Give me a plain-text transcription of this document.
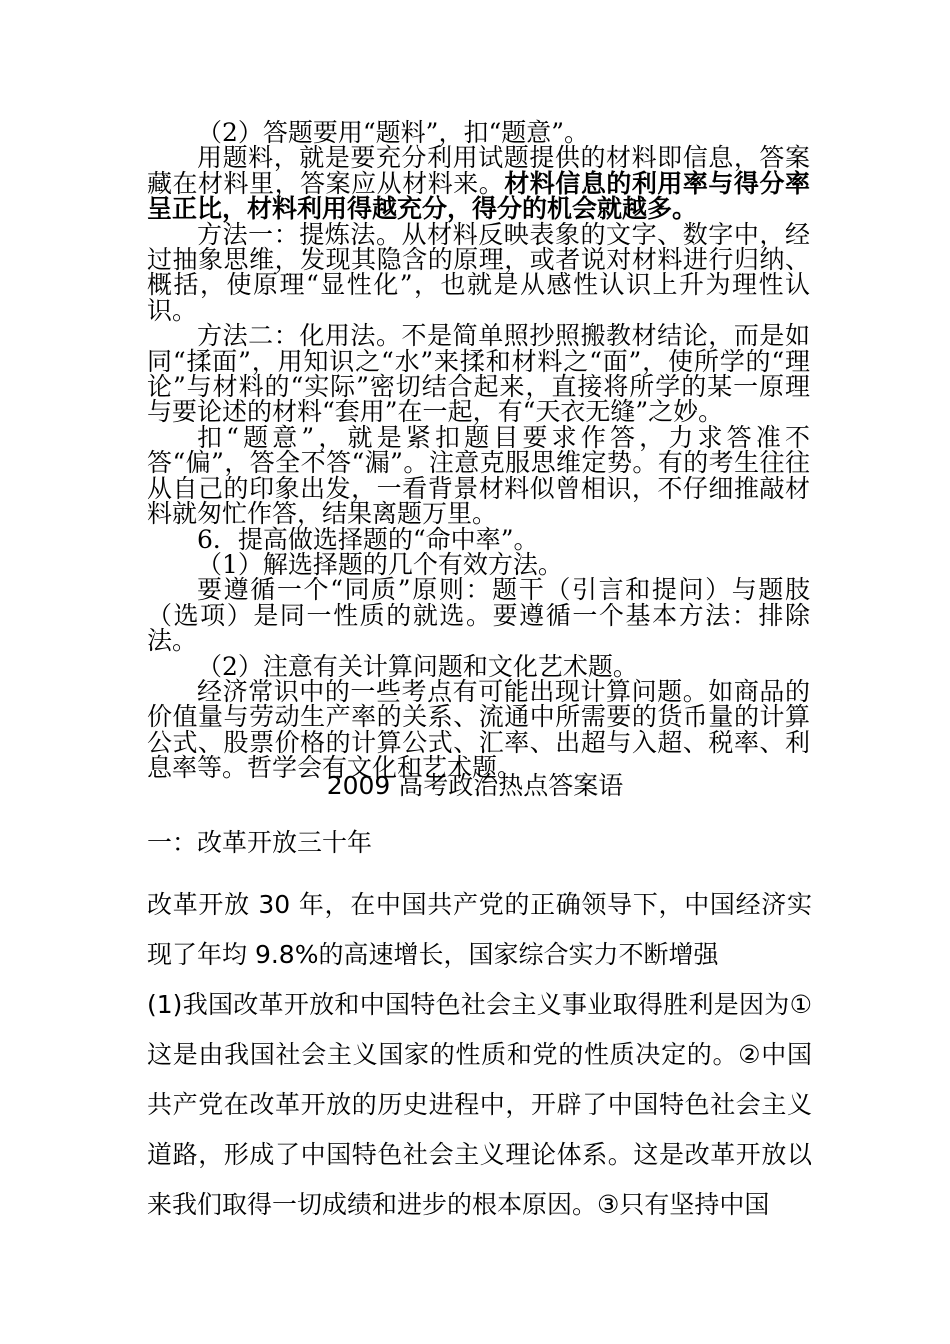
（2）答题要用“题料”，扣“题意”。

用题料，就是要充分利用试题提供的材料即信息，答案藏在材料里，答案应从材料来。材料信息的利用率与得分率呈正比，材料利用得越充分，得分的机会就越多。

方法一：提炼法。从材料反映表象的文字、数字中，经过抽象思维，发现其隐含的原理，或者说对材料进行归纳、概括，使原理“显性化”，也就是从感性认识上升为理性认识。

方法二：化用法。不是简单照抄照搬教材结论，而是如同“揉面”，用知识之“水”来揉和材料之“面”，使所学的“理论”与材料的“实际”密切结合起来，直接将所学的某一原理与要论述的材料“套用”在一起，有“天衣无缝”之妙。

扣“题意”，就是紧扣题目要求作答，力求答准不答“偏”，答全不答“漏”。注意克服思维定势。有的考生往往从自己的印象出发，一看背景材料似曾相识，不仔细推敲材料就匆忙作答，结果离题万里。

6．提高做选择题的“命中率”。

（1）解选择题的几个有效方法。

要遵循一个“同质”原则：题干（引言和提问）与题肢（选项）是同一性质的就选。要遵循一个基本方法：排除法。

（2）注意有关计算问题和文化艺术题。

经济常识中的一些考点有可能出现计算问题。如商品的价值量与劳动生产率的关系、流通中所需要的货币量的计算公式、股票价格的计算公式、汇率、出超与入超、税率、利息率等。哲学会有文化和艺术题。

2009 高考政治热点答案语

一：改革开放三十年

改革开放 30 年，在中国共产党的正确领导下，中国经济实现了年均 9.8%的高速增长，国家综合实力不断增强

(1)我国改革开放和中国特色社会主义事业取得胜利是因为①这是由我国社会主义国家的性质和党的性质决定的。②中国共产党在改革开放的历史进程中，开辟了中国特色社会主义道路，形成了中国特色社会主义理论体系。这是改革开放以来我们取得一切成绩和进步的根本原因。③只有坚持中国
